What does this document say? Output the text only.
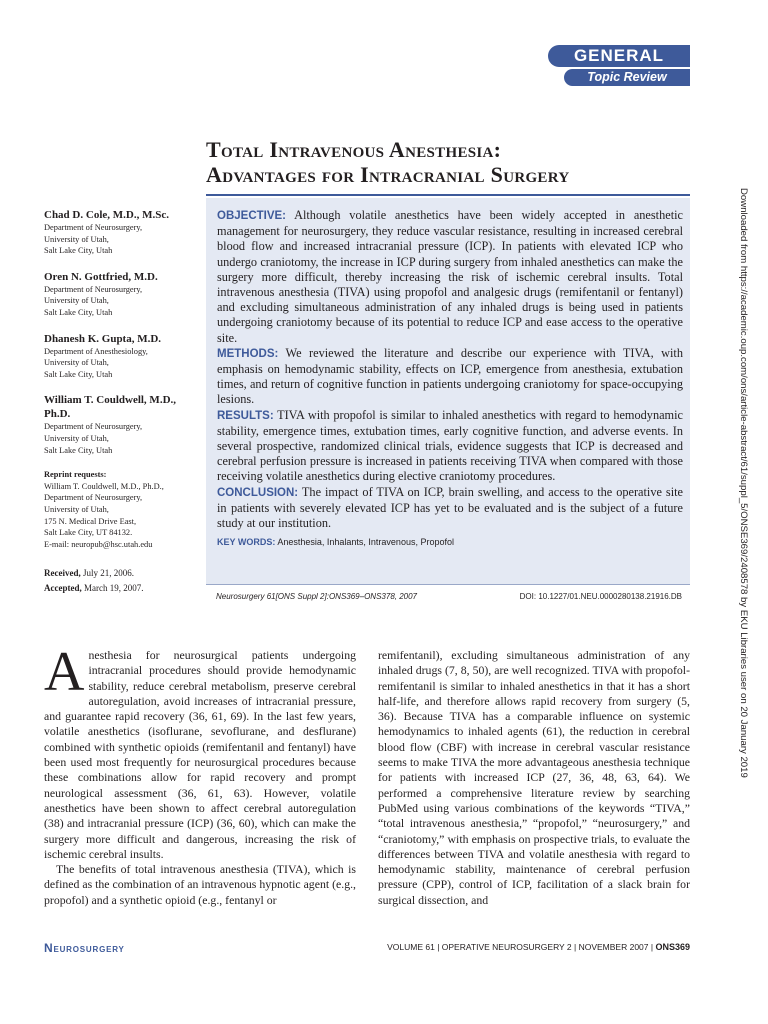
GENERAL
Topic Review
Total Intravenous Anesthesia:
Advantages for Intracranial Surgery
Chad D. Cole, M.D., M.Sc.
Department of Neurosurgery,
University of Utah,
Salt Lake City, Utah
Oren N. Gottfried, M.D.
Department of Neurosurgery,
University of Utah,
Salt Lake City, Utah
Dhanesh K. Gupta, M.D.
Department of Anesthesiology,
University of Utah,
Salt Lake City, Utah
William T. Couldwell, M.D., Ph.D.
Department of Neurosurgery,
University of Utah,
Salt Lake City, Utah
Reprint requests:
William T. Couldwell, M.D., Ph.D.,
Department of Neurosurgery,
University of Utah,
175 N. Medical Drive East,
Salt Lake City, UT 84132.
E-mail: neuropub@hsc.utah.edu
Received, July 21, 2006.
Accepted, March 19, 2007.

OBJECTIVE: Although volatile anesthetics have been widely accepted in anesthetic management for neurosurgery, they reduce vascular resistance, resulting in increased cerebral blood flow and increased intracranial pressure (ICP). In patients with elevated ICP who undergo craniotomy, the increase in ICP during surgery from inhaled anesthetics can make the surgery more difficult, thereby increasing the risk of ischemic cerebral insults. Total intravenous anesthesia (TIVA) using propofol and analgesic drugs (remifentanil or fentanyl) and excluding simultaneous administration of any inhaled drugs is being used in patients undergoing craniotomy because of its potential to reduce ICP and ease access to the operative site.

METHODS: We reviewed the literature and describe our experience with TIVA, with emphasis on hemodynamic stability, effects on ICP, emergence from anesthesia, extubation times, and return of cognitive function in patients undergoing craniotomy for space-occupying lesions.

RESULTS: TIVA with propofol is similar to inhaled anesthetics with regard to hemodynamic stability, emergence times, extubation times, early cognitive function, and adverse events. In several prospective, randomized clinical trials, evidence suggests that ICP is decreased and cerebral perfusion pressure is increased in patients receiving TIVA when compared with those receiving volatile anesthetics during elective craniotomy procedures.

CONCLUSION: The impact of TIVA on ICP, brain swelling, and access to the operative site in patients with severely elevated ICP has yet to be evaluated and is the subject of a future study at our institution.

KEY WORDS: Anesthesia, Inhalants, Intravenous, Propofol

Neurosurgery 61[ONS Suppl 2]:ONS369–ONS378, 2007	DOI: 10.1227/01.NEU.0000280138.21916.DB

Anesthesia for neurosurgical patients undergoing intracranial procedures should provide hemodynamic stability, reduce cerebral metabolism, preserve cerebral autoregulation, avoid increases of intracranial pressure, and guarantee rapid recovery (36, 61, 69). In the last few years, volatile anesthetics (isoflurane, sevoflurane, and desflurane) combined with synthetic opioids (remifentanil and fentanyl) have been used most frequently for neurosurgical procedures because these combinations allow for rapid recovery and prompt neurological assessment (36, 61, 63). However, volatile anesthetics have been shown to affect cerebral autoregulation (38) and intracranial pressure (ICP) (36, 60), which can make the surgery more difficult and dangerous, increasing the risk of ischemic cerebral insults.

The benefits of total intravenous anesthesia (TIVA), which is defined as the combination of an intravenous hypnotic agent (e.g., propofol) and a synthetic opioid (e.g., fentanyl or

remifentanil), excluding simultaneous administration of any inhaled drugs (7, 8, 50), are well recognized. TIVA with propofol-remifentanil is similar to inhaled anesthetics in that it has a short half-life, and therefore allows rapid recovery from surgery (5, 36). Because TIVA has a comparable influence on systemic hemodynamics to inhaled agents (61), the reduction in cerebral blood flow (CBF) with increase in cerebral vascular resistance seems to make TIVA the more advantageous anesthesia technique for patients with increased ICP (27, 36, 48, 63, 64). We performed a comprehensive literature review by searching PubMed using various combinations of the keywords “TIVA,” “total intravenous anesthesia,” “propofol,” “neurosurgery,” and “craniotomy,” with emphasis on prospective trials, to evaluate the differences between TIVA and volatile anesthesia with regard to hemodynamic stability, maintenance of cerebral perfusion pressure (CPP), control of ICP, facilitation of a slack brain for surgical dissection, and

Neurosurgery	VOLUME 61 | OPERATIVE NEUROSURGERY 2 | NOVEMBER 2007 | ONS369
Downloaded from https://academic.oup.com/ons/article-abstract/61/suppl_5/ONSE369/2408578 by EKU Libraries user on 20 January 2019
